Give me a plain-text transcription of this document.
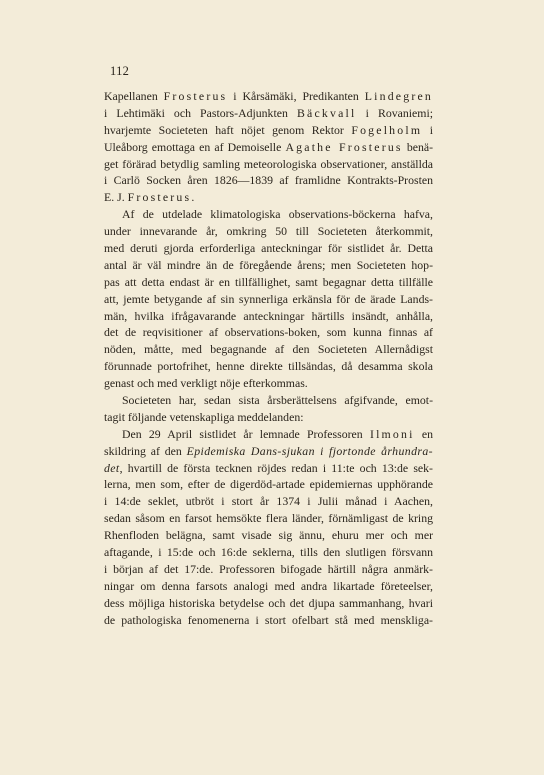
112
Kapellanen Frosterus i Kårsämäki, Predikanten Lindegren
i Lehtimäki och Pastors-Adjunkten Bäckvall i Rovaniemi;
hvarjemte Societeten haft nöjet genom Rektor Fogelholm i
Uleåborg emottaga en af Demoiselle Agathe Frosterus benä-
get förärad betydlig samling meteorologiska observationer, anställda
i Carlö Socken åren 1826—1839 af framlidne Kontrakts-Prosten
E. J. Frosterus.
Af de utdelade klimatologiska observations-böckerna hafva,
under innevarande år, omkring 50 till Societeten återkommit,
med deruti gjorda erforderliga anteckningar för sistlidet år. Detta
antal är väl mindre än de föregående årens; men Societeten hop-
pas att detta endast är en tillfällighet, samt begagnar detta tillfälle
att, jemte betygande af sin synnerliga erkänsla för de ärade Lands-
män, hvilka ifrågavarande anteckningar härtills insändt, anhålla,
det de reqvisitioner af observations-boken, som kunna finnas af
nöden, måtte, med begagnande af den Societeten Allernådigst
förunnade portofrihet, henne direkte tillsändas, då desamma skola
genast och med verkligt nöje efterkommas.
Societeten har, sedan sista årsberättelsens afgifvande, emot-
tagit följande vetenskapliga meddelanden:
Den 29 April sistlidet år lemnade Professoren Ilmoni en
skildring af den Epidemiska Dans-sjukan i fjortonde århundra-
det, hvartill de första tecknen röjdes redan i 11:te och 13:de sek-
lerna, men som, efter de digerdöd-artade epidemiernas upphörande
i 14:de seklet, utbröt i stort år 1374 i Julii månad i Aachen,
sedan såsom en farsot hemsökte flera länder, förnämligast de kring
Rhenfloden belägna, samt visade sig ännu, ehuru mer och mer
aftagande, i 15:de och 16:de seklerna, tills den slutligen försvann
i början af det 17:de. Professoren bifogade härtill några anmärk-
ningar om denna farsots analogi med andra likartade företeelser,
dess möjliga historiska betydelse och det djupa sammanhang, hvari
de pathologiska fenomenerna i stort ofelbart stå med menskliga-
